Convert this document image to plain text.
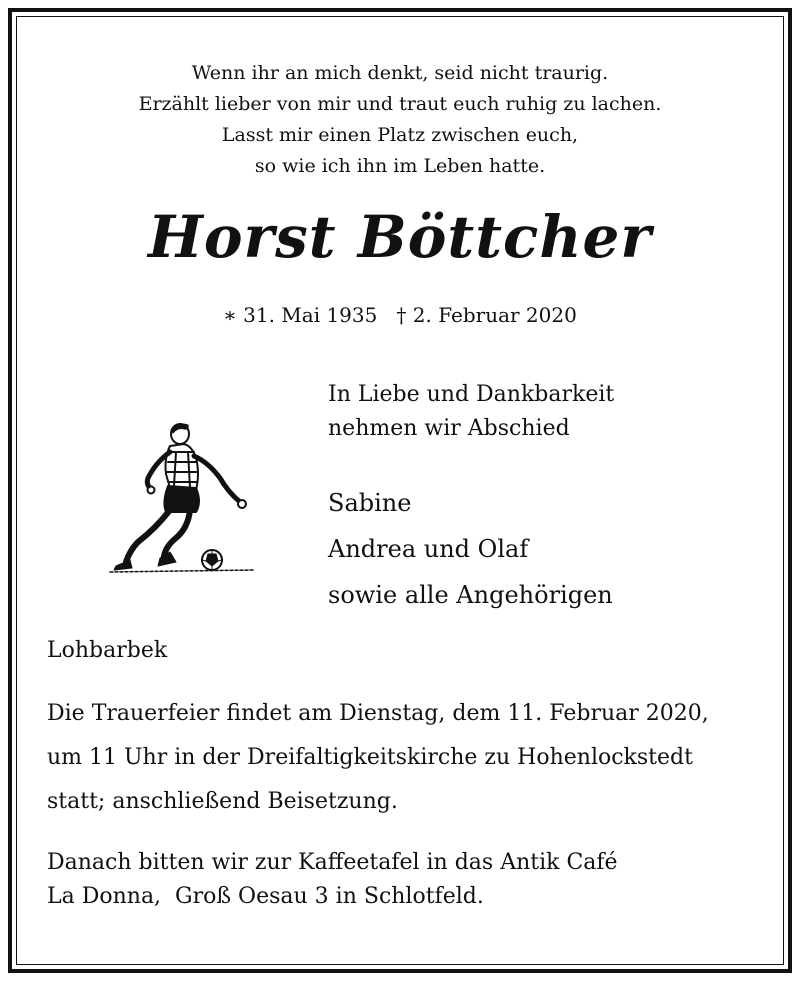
Wenn ihr an mich denkt, seid nicht traurig.
Erzählt lieber von mir und traut euch ruhig zu lachen.
Lasst mir einen Platz zwischen euch,
so wie ich ihn im Leben hatte.
Horst Böttcher
∗ 31. Mai 1935 † 2. Februar 2020
In Liebe und Dankbarkeit
nehmen wir Abschied
Sabine
Andrea und Olaf
sowie alle Angehörigen
Lohbarbek
Die Trauerfeier findet am Dienstag, dem 11. Februar 2020,
um 11 Uhr in der Dreifaltigkeitskirche zu Hohenlockstedt
statt; anschließend Beisetzung.
Danach bitten wir zur Kaffeetafel in das Antik Café
La Donna,  Groß Oesau 3 in Schlotfeld.
